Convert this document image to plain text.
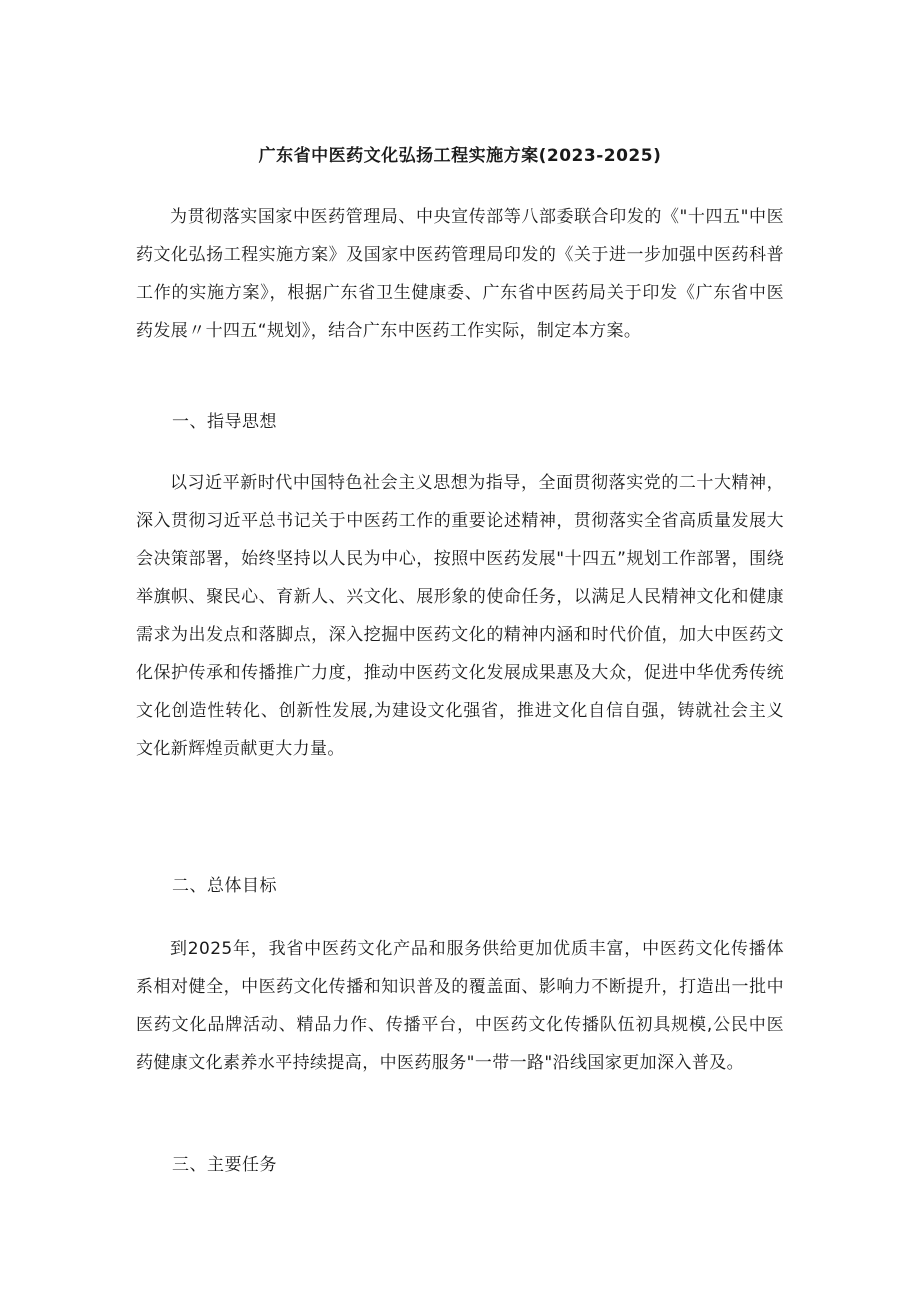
广东省中医药文化弘扬工程实施方案(2023-2025)

为贯彻落实国家中医药管理局、中央宣传部等八部委联合印发的《"十四五"中医药文化弘扬工程实施方案》及国家中医药管理局印发的《关于进一步加强中医药科普工作的实施方案》，根据广东省卫生健康委、广东省中医药局关于印发《广东省中医药发展〃十四五“规划》，结合广东中医药工作实际，制定本方案。

一、指导思想

以习近平新时代中国特色社会主义思想为指导，全面贯彻落实党的二十大精神，深入贯彻习近平总书记关于中医药工作的重要论述精神，贯彻落实全省高质量发展大会决策部署，始终坚持以人民为中心，按照中医药发展"十四五”规划工作部署，围绕举旗帜、聚民心、育新人、兴文化、展形象的使命任务，以满足人民精神文化和健康需求为出发点和落脚点，深入挖掘中医药文化的精神内涵和时代价值，加大中医药文化保护传承和传播推广力度，推动中医药文化发展成果惠及大众，促进中华优秀传统文化创造性转化、创新性发展,为建设文化强省，推进文化自信自强，铸就社会主义文化新辉煌贡献更大力量。

二、总体目标

到2025年，我省中医药文化产品和服务供给更加优质丰富，中医药文化传播体系相对健全，中医药文化传播和知识普及的覆盖面、影响力不断提升，打造出一批中医药文化品牌活动、精品力作、传播平台，中医药文化传播队伍初具规模,公民中医药健康文化素养水平持续提高，中医药服务"一带一路"沿线国家更加深入普及。

三、主要任务
